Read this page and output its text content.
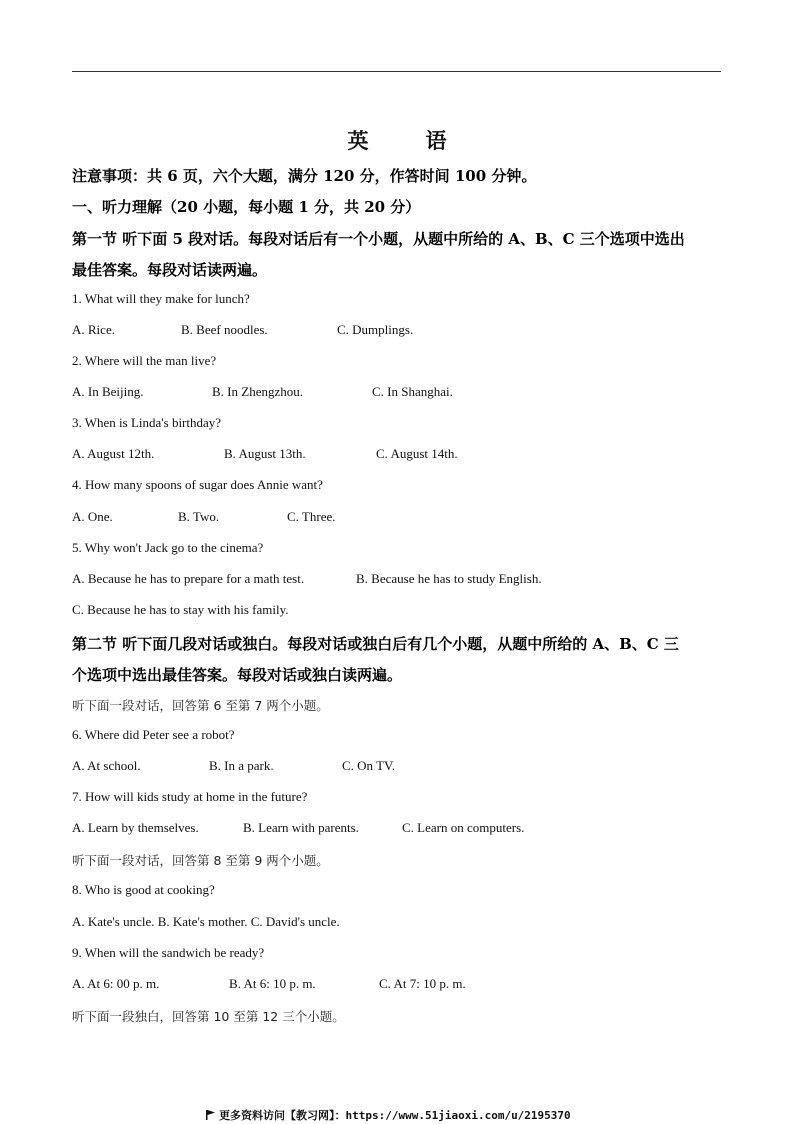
英　语
注意事项：共 6 页，六个大题，满分 120 分，作答时间 100 分钟。
一、听力理解（20 小题，每小题 1 分，共 20 分）
第一节 听下面 5 段对话。每段对话后有一个小题，从题中所给的 A、B、C 三个选项中选出
最佳答案。每段对话读两遍。
1. What will they make for lunch?
A. Rice.	B. Beef noodles.	C. Dumplings.
2. Where will the man live?
A. In Beijing.	B. In Zhengzhou.	C. In Shanghai.
3. When is Linda's birthday?
A. August 12th.	B. August 13th.	C. August 14th.
4. How many spoons of sugar does Annie want?
A. One.	B. Two.	C. Three.
5. Why won't Jack go to the cinema?
A. Because he has to prepare for a math test.	B. Because he has to study English.
C. Because he has to stay with his family.
第二节 听下面几段对话或独白。每段对话或独白后有几个小题，从题中所给的 A、B、C 三
个选项中选出最佳答案。每段对话或独白读两遍。
听下面一段对话，回答第 6 至第 7 两个小题。
6. Where did Peter see a robot?
A. At school.	B. In a park.	C. On TV.
7. How will kids study at home in the future?
A. Learn by themselves.	B. Learn with parents.	C. Learn on computers.
听下面一段对话，回答第 8 至第 9 两个小题。
8. Who is good at cooking?
A. Kate's uncle. B. Kate's mother. C. David's uncle.
9. When will the sandwich be ready?
A. At 6: 00 p. m.	B. At 6: 10 p. m.	C. At 7: 10 p. m.
听下面一段独白，回答第 10 至第 12 三个小题。
更多资料访问【教习网】：https://www.51jiaoxi.com/u/2195370
